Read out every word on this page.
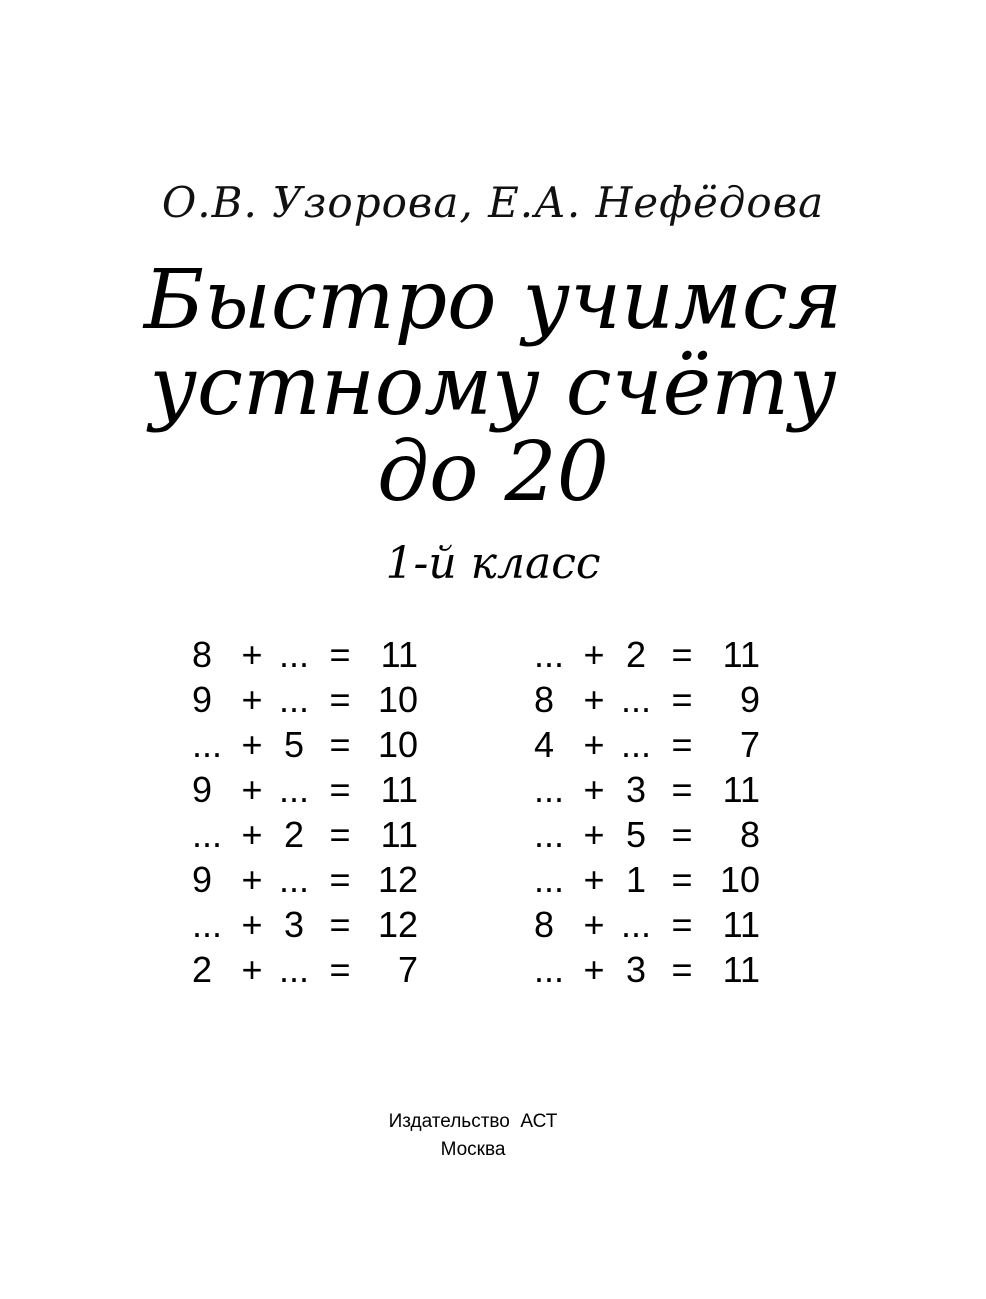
О.В. Узорова, Е.А. Нефёдова
Быстро учимся
устному счёту
до 20
1-й класс
8 + ... = 11
9 + ... = 10
... + 5 = 10
9 + ... = 11
... + 2 = 11
9 + ... = 12
... + 3 = 12
2 + ... =	7
... + 2 = 11
8 + ... =	9
4 + ... =	7
... + 3 = 11
... + 5 =	8
... + 1 = 10
8 + ... = 11
... + 3 = 11
Издательство  АСТ
Москва
